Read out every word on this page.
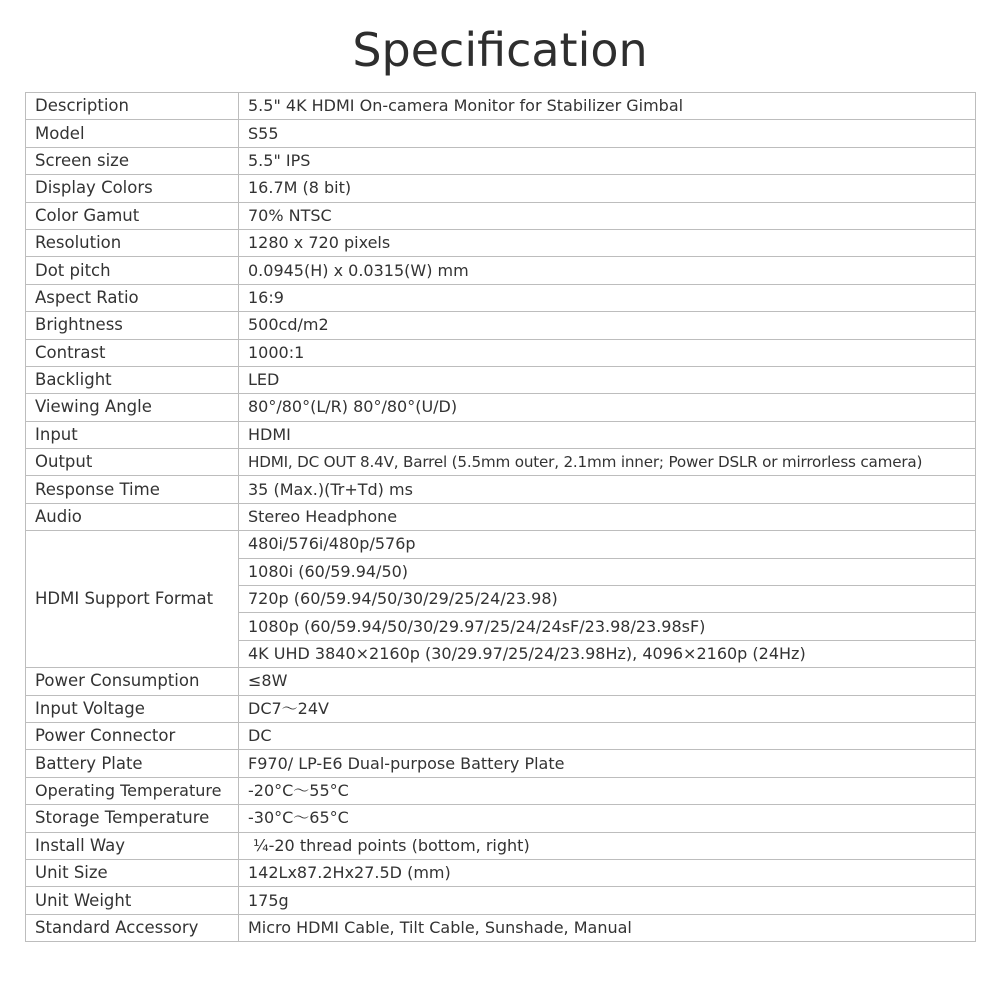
Specification
Description	5.5" 4K HDMI On-camera Monitor for Stabilizer Gimbal
Model	S55
Screen size	5.5" IPS
Display Colors	16.7M (8 bit)
Color Gamut	70% NTSC
Resolution	1280 x 720 pixels
Dot pitch	0.0945(H) x 0.0315(W) mm
Aspect Ratio	16:9
Brightness	500cd/m2
Contrast	1000:1
Backlight	LED
Viewing Angle	80°/80°(L/R) 80°/80°(U/D)
Input	HDMI
Output	HDMI, DC OUT 8.4V, Barrel (5.5mm outer, 2.1mm inner; Power DSLR or mirrorless camera)
Response Time	35 (Max.)(Tr+Td) ms
Audio	Stereo Headphone
HDMI Support Format	480i/576i/480p/576p
	1080i (60/59.94/50)
	720p (60/59.94/50/30/29/25/24/23.98)
	1080p (60/59.94/50/30/29.97/25/24/24sF/23.98/23.98sF)
	4K UHD 3840×2160p (30/29.97/25/24/23.98Hz), 4096×2160p (24Hz)
Power Consumption	≤8W
Input Voltage	DC7～24V
Power Connector	DC
Battery Plate	F970/ LP-E6 Dual-purpose Battery Plate
Operating Temperature	-20°C～55°C
Storage Temperature	-30°C～65°C
Install Way	¼-20 thread points (bottom, right)
Unit Size	142Lx87.2Hx27.5D (mm)
Unit Weight	175g
Standard Accessory	Micro HDMI Cable, Tilt Cable, Sunshade, Manual
